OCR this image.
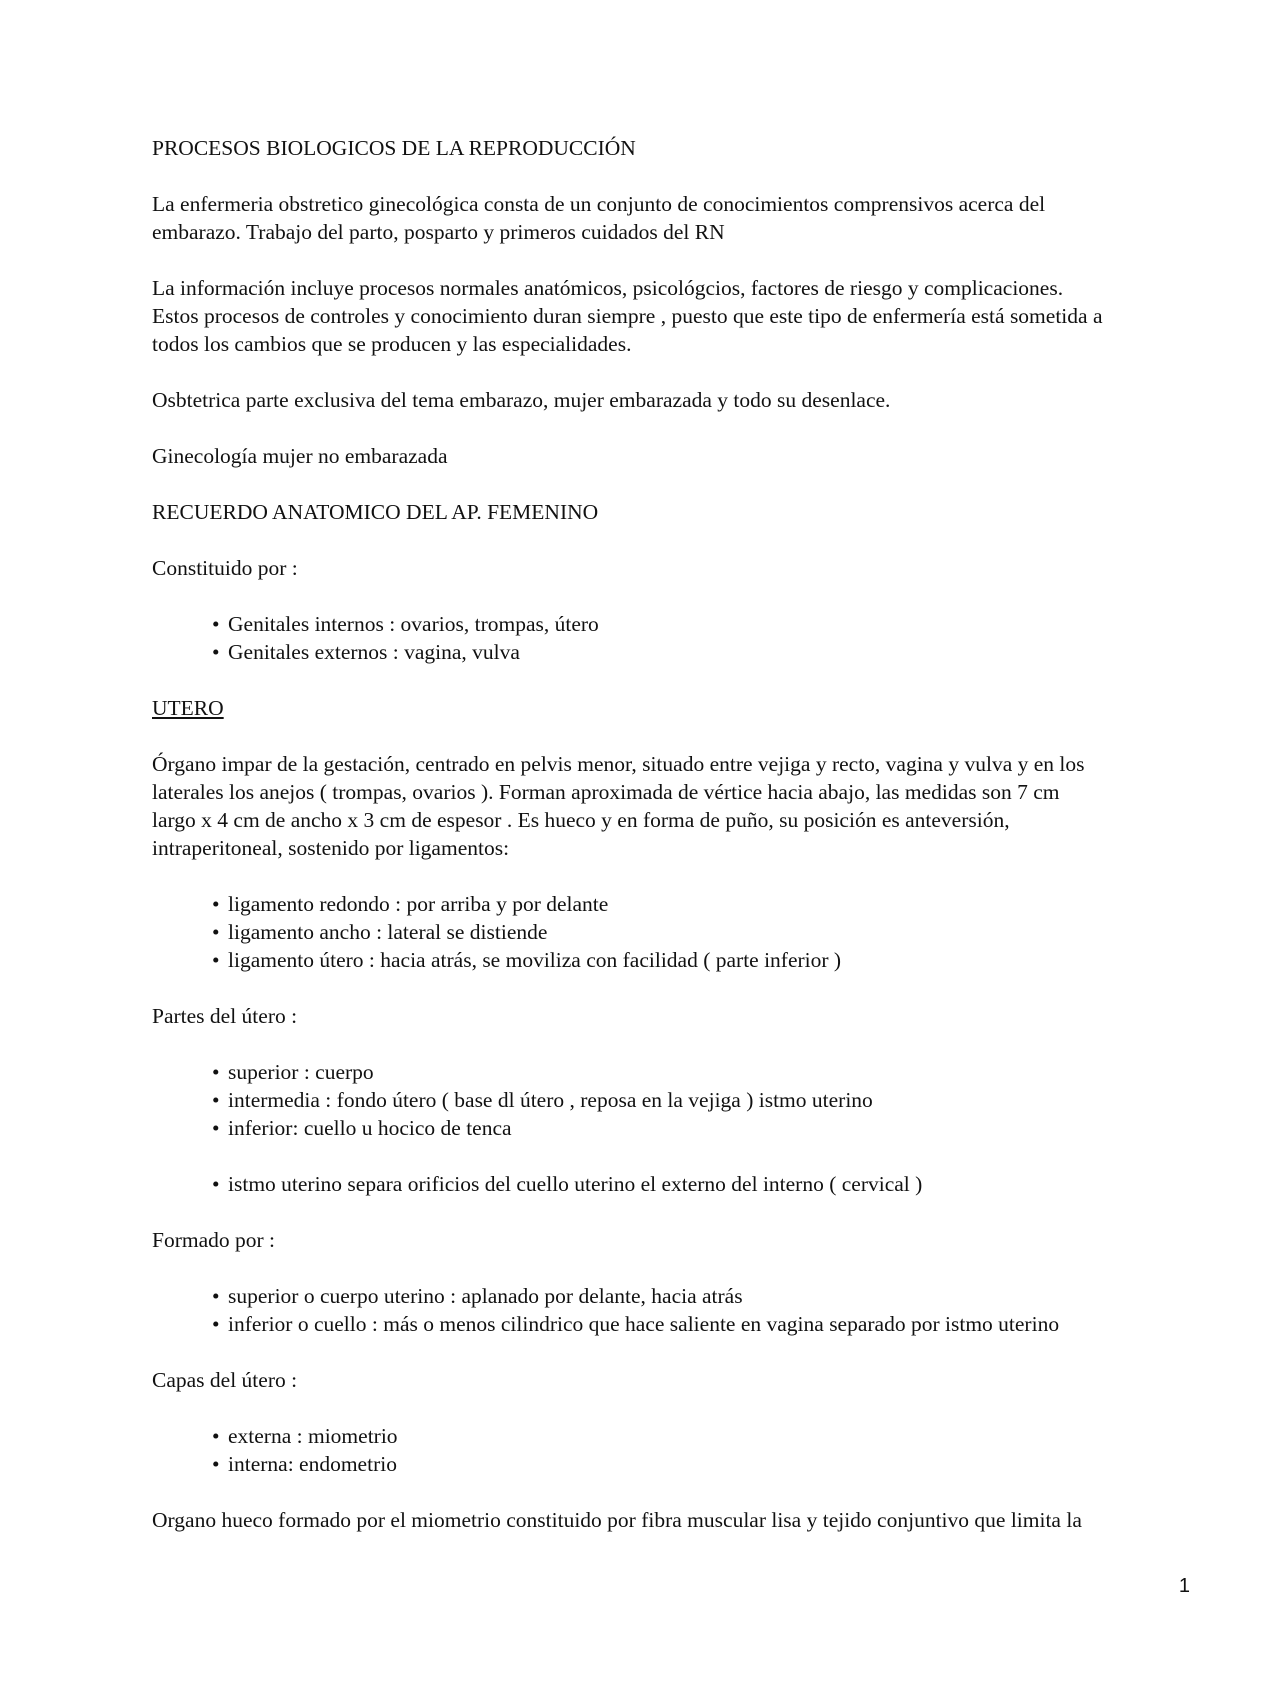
PROCESOS BIOLOGICOS DE LA REPRODUCCIÓN
La enfermeria obstretico ginecológica consta de un conjunto de conocimientos comprensivos acerca del
embarazo. Trabajo del parto, posparto y primeros cuidados del RN
La información incluye procesos normales anatómicos, psicológcios, factores de riesgo y complicaciones.
Estos procesos de controles y conocimiento duran siempre , puesto que este tipo de enfermería está sometida a
todos los cambios que se producen y las especialidades.
Osbtetrica parte exclusiva del tema embarazo, mujer embarazada y todo su desenlace.
Ginecología mujer no embarazada
RECUERDO ANATOMICO DEL AP. FEMENINO
Constituido por :
• Genitales internos : ovarios, trompas, útero
• Genitales externos : vagina, vulva
UTERO
Órgano impar de la gestación, centrado en pelvis menor, situado entre vejiga y recto, vagina y vulva y en los
laterales los anejos ( trompas, ovarios ). Forman aproximada de vértice hacia abajo, las medidas son 7 cm
largo x 4 cm de ancho x 3 cm de espesor . Es hueco y en forma de puño, su posición es anteversión,
intraperitoneal, sostenido por ligamentos:
• ligamento redondo : por arriba y por delante
• ligamento ancho : lateral se distiende
• ligamento útero : hacia atrás, se moviliza con facilidad ( parte inferior )
Partes del útero :
• superior : cuerpo
• intermedia : fondo útero ( base dl útero , reposa en la vejiga ) istmo uterino
• inferior: cuello u hocico de tenca
• istmo uterino separa orificios del cuello uterino el externo del interno ( cervical )
Formado por :
• superior o cuerpo uterino : aplanado por delante, hacia atrás
• inferior o cuello : más o menos cilindrico que hace saliente en vagina separado por istmo uterino
Capas del útero :
• externa : miometrio
• interna: endometrio
Organo hueco formado por el miometrio constituido por fibra muscular lisa y tejido conjuntivo que limita la
1
